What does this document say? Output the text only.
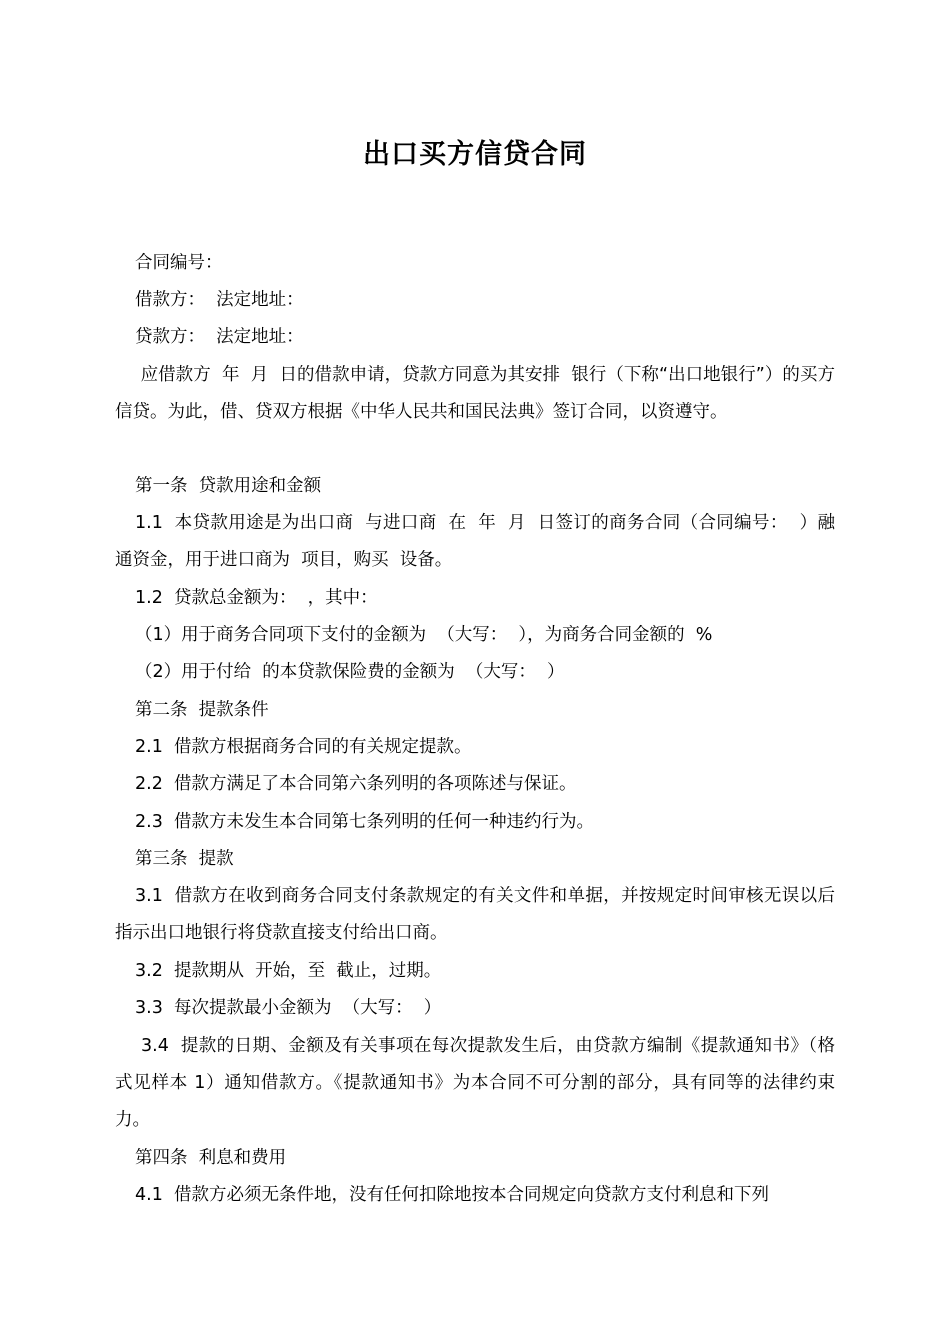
出口买方信贷合同
合同编号：
借款方：  法定地址：
贷款方：  法定地址：
应借款方  年  月  日的借款申请，贷款方同意为其安排  银行（下称“出口地银行”）的买方信贷。为此，借、贷双方根据《中华人民共和国民法典》签订合同，以资遵守。
第一条  贷款用途和金额
1.1  本贷款用途是为出口商  与进口商  在  年  月  日签订的商务合同（合同编号：  ）融通资金，用于进口商为  项目，购买  设备。
1.2  贷款总金额为：  ，其中：
（1）用于商务合同项下支付的金额为  （大写：  ），为商务合同金额的  %
（2）用于付给  的本贷款保险费的金额为  （大写：  ）
第二条  提款条件
2.1  借款方根据商务合同的有关规定提款。
2.2  借款方满足了本合同第六条列明的各项陈述与保证。
2.3  借款方未发生本合同第七条列明的任何一种违约行为。
第三条  提款
3.1  借款方在收到商务合同支付条款规定的有关文件和单据，并按规定时间审核无误以后指示出口地银行将贷款直接支付给出口商。
3.2  提款期从  开始，至  截止，过期。
3.3  每次提款最小金额为  （大写：  ）
3.4  提款的日期、金额及有关事项在每次提款发生后，由贷款方编制《提款通知书》（格式见样本 1）通知借款方。《提款通知书》为本合同不可分割的部分，具有同等的法律约束力。
第四条  利息和费用
4.1  借款方必须无条件地，没有任何扣除地按本合同规定向贷款方支付利息和下列
